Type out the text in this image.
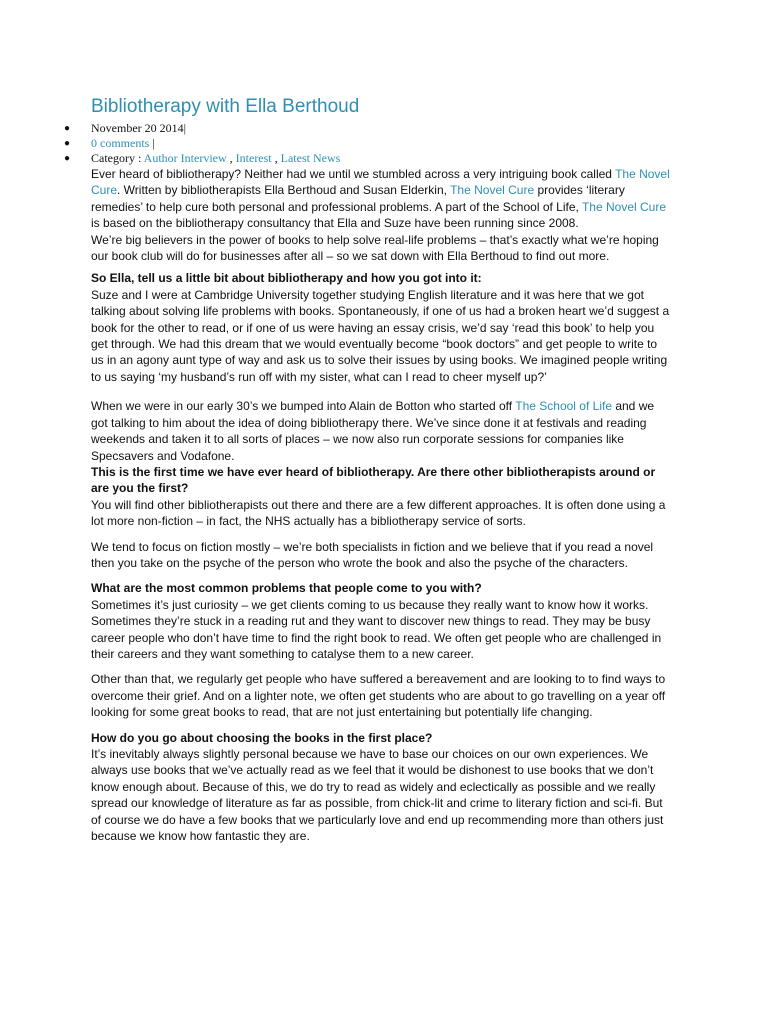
Bibliotherapy with Ella Berthoud
● November 20 2014|
● 0 comments |
● Category : Author Interview , Interest , Latest News

Ever heard of bibliotherapy? Neither had we until we stumbled across a very intriguing book called The Novel Cure. Written by bibliotherapists Ella Berthoud and Susan Elderkin, The Novel Cure provides ‘literary remedies’ to help cure both personal and professional problems. A part of the School of Life, The Novel Cure is based on the bibliotherapy consultancy that Ella and Suze have been running since 2008.

We’re big believers in the power of books to help solve real-life problems – that’s exactly what we’re hoping our book club will do for businesses after all – so we sat down with Ella Berthoud to find out more.

So Ella, tell us a little bit about bibliotherapy and how you got into it:

Suze and I were at Cambridge University together studying English literature and it was here that we got talking about solving life problems with books. Spontaneously, if one of us had a broken heart we’d suggest a book for the other to read, or if one of us were having an essay crisis, we’d say ‘read this book’ to help you get through. We had this dream that we would eventually become “book doctors” and get people to write to us in an agony aunt type of way and ask us to solve their issues by using books. We imagined people writing to us saying ‘my husband’s run off with my sister, what can I read to cheer myself up?’

When we were in our early 30’s we bumped into Alain de Botton who started off The School of Life and we got talking to him about the idea of doing bibliotherapy there. We’ve since done it at festivals and reading weekends and taken it to all sorts of places – we now also run corporate sessions for companies like Specsavers and Vodafone.

This is the first time we have ever heard of bibliotherapy. Are there other bibliotherapists around or are you the first?

You will find other bibliotherapists out there and there are a few different approaches. It is often done using a lot more non-fiction – in fact, the NHS actually has a bibliotherapy service of sorts.

We tend to focus on fiction mostly – we’re both specialists in fiction and we believe that if you read a novel then you take on the psyche of the person who wrote the book and also the psyche of the characters.

What are the most common problems that people come to you with?

Sometimes it’s just curiosity – we get clients coming to us because they really want to know how it works. Sometimes they’re stuck in a reading rut and they want to discover new things to read. They may be busy career people who don’t have time to find the right book to read. We often get people who are challenged in their careers and they want something to catalyse them to a new career.

Other than that, we regularly get people who have suffered a bereavement and are looking to to find ways to overcome their grief. And on a lighter note, we often get students who are about to go travelling on a year off looking for some great books to read, that are not just entertaining but potentially life changing.

How do you go about choosing the books in the first place?

It’s inevitably always slightly personal because we have to base our choices on our own experiences. We always use books that we’ve actually read as we feel that it would be dishonest to use books that we don’t know enough about. Because of this, we do try to read as widely and eclectically as possible and we really spread our knowledge of literature as far as possible, from chick-lit and crime to literary fiction and sci-fi. But of course we do have a few books that we particularly love and end up recommending more than others just because we know how fantastic they are.
